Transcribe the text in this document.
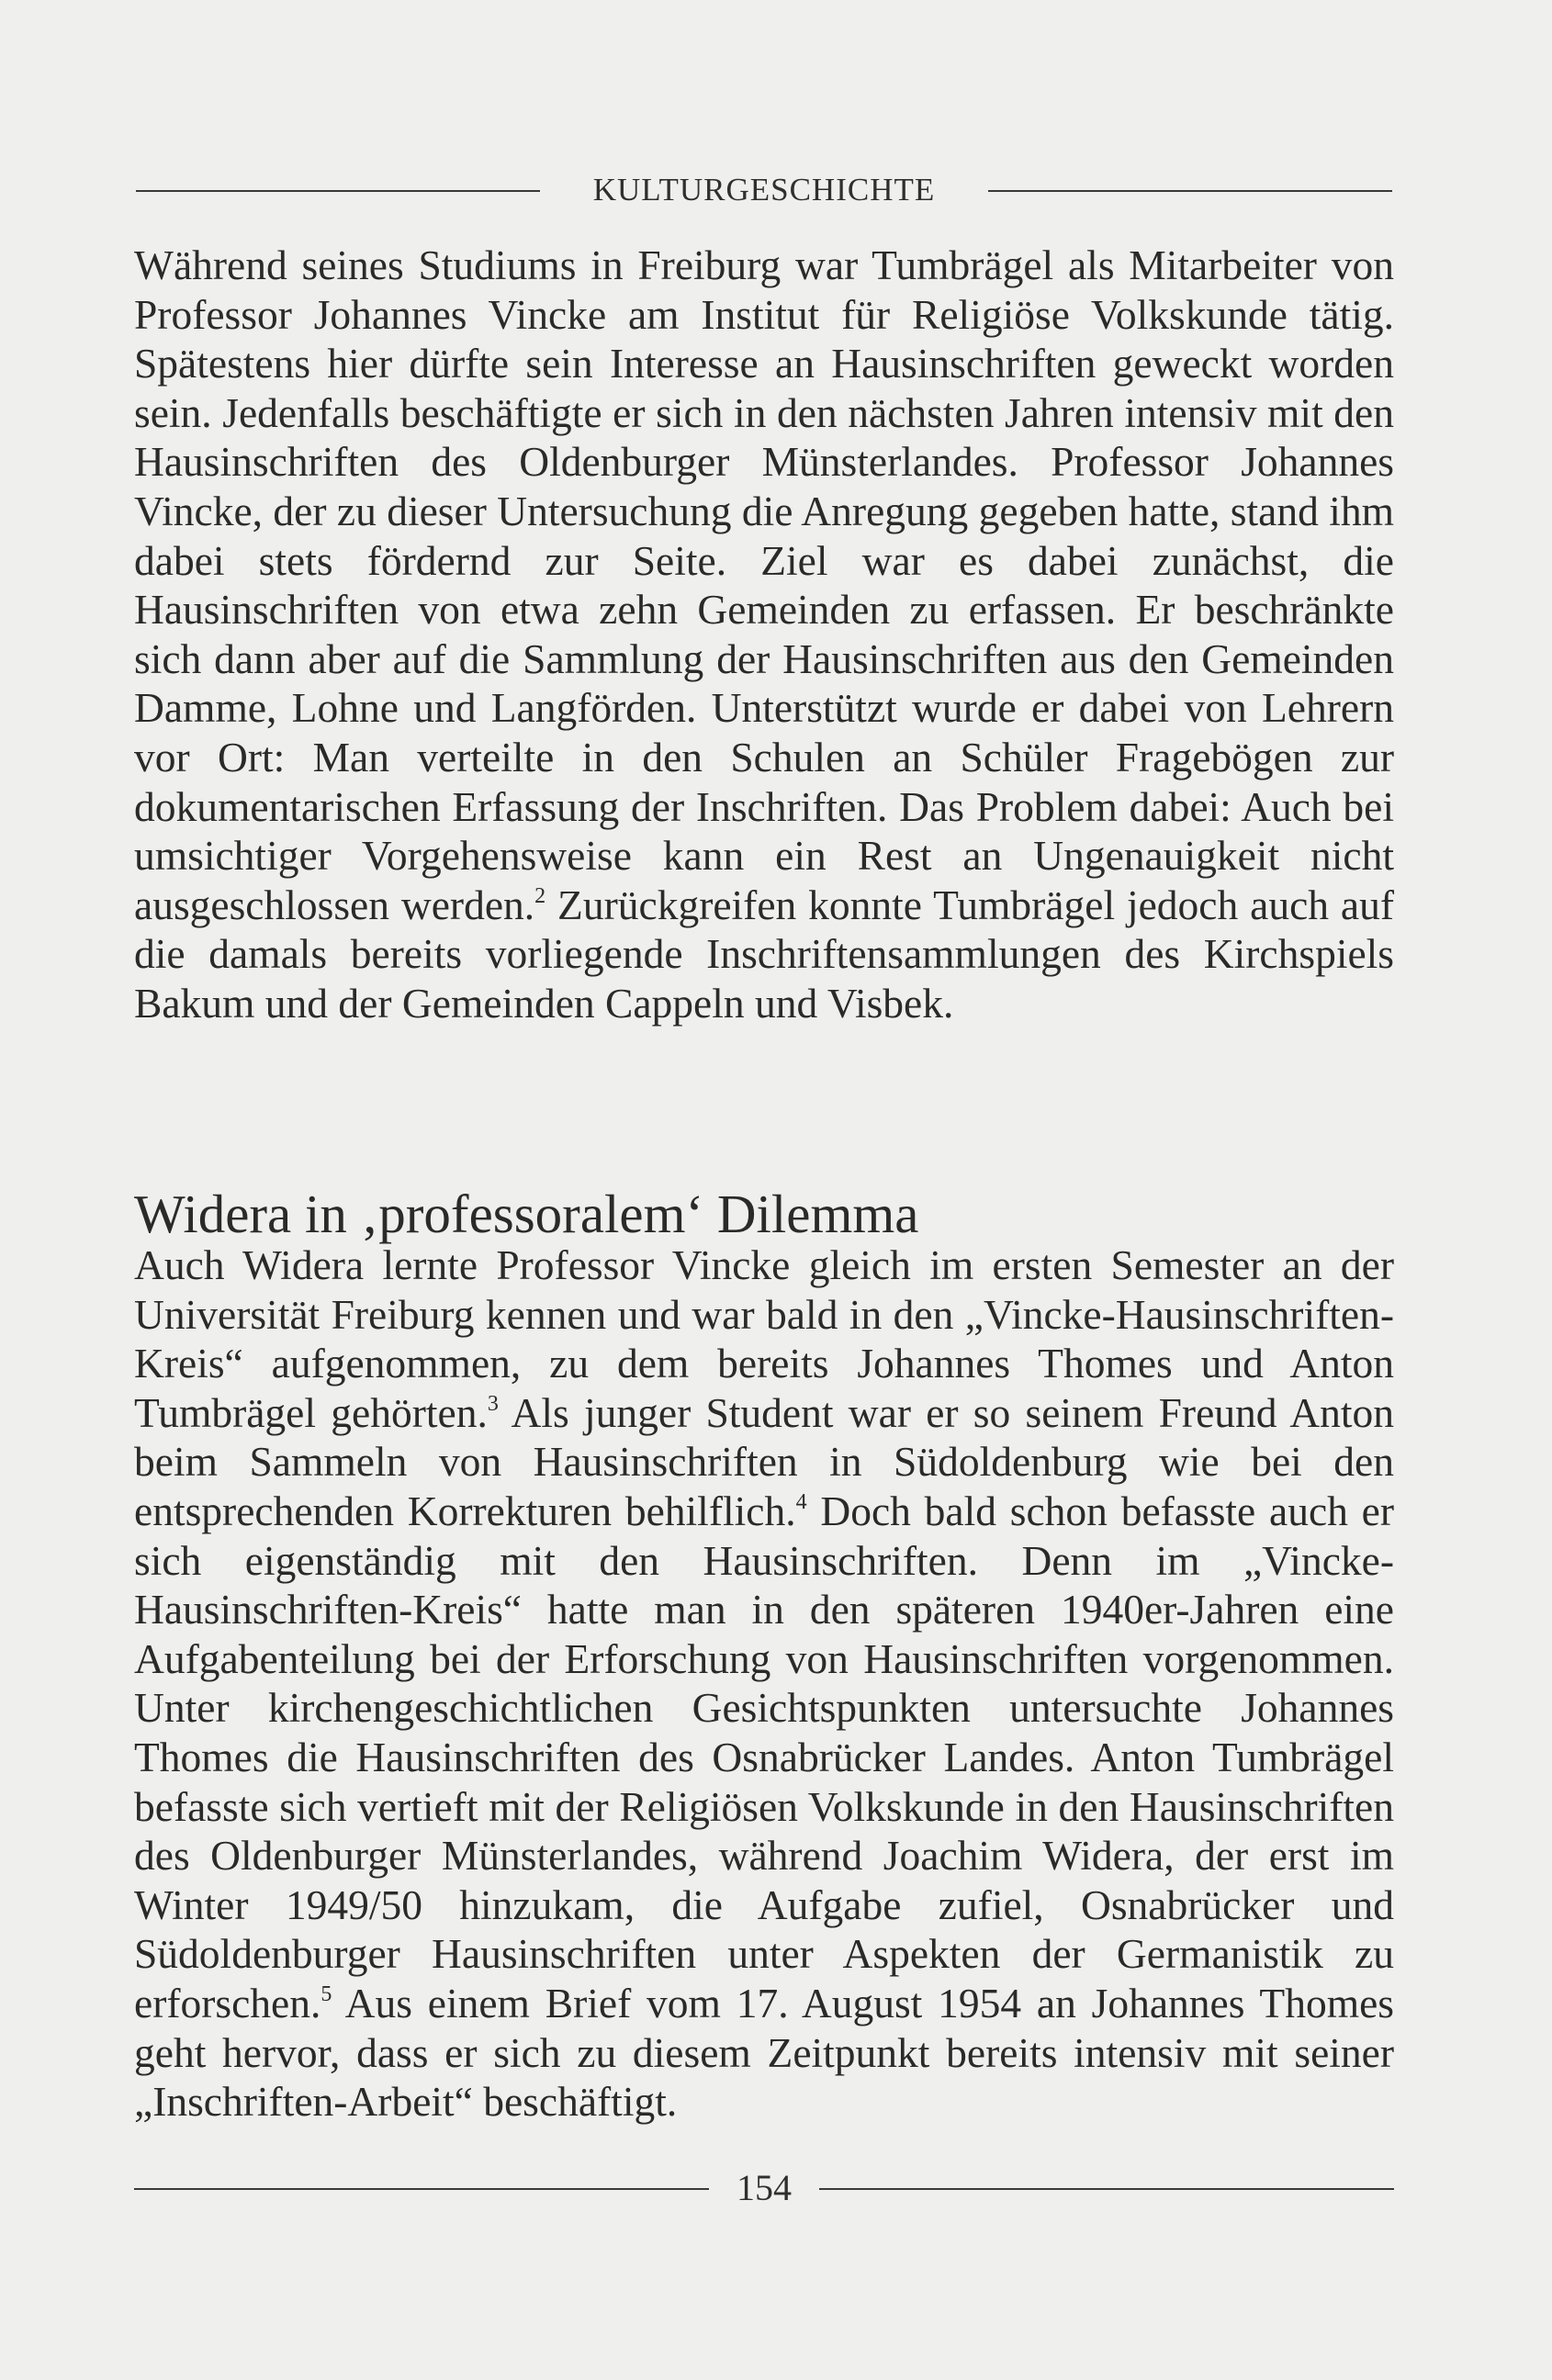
KULTURGESCHICHTE

Während seines Studiums in Freiburg war Tumbrägel als Mitarbeiter von Professor Johannes Vincke am Institut für Religiöse Volkskunde tätig. Spätestens hier dürfte sein Interesse an Hausinschriften geweckt worden sein. Jedenfalls beschäftigte er sich in den nächsten Jahren intensiv mit den Hausinschriften des Oldenburger Münsterlandes. Professor Johannes Vincke, der zu dieser Untersuchung die Anregung gegeben hatte, stand ihm dabei stets fördernd zur Seite. Ziel war es dabei zunächst, die Hausinschriften von etwa zehn Gemeinden zu erfassen. Er beschränkte sich dann aber auf die Sammlung der Hausinschriften aus den Gemeinden Damme, Lohne und Langförden. Unterstützt wurde er dabei von Lehrern vor Ort: Man verteilte in den Schulen an Schüler Fragebögen zur dokumentarischen Erfassung der Inschriften. Das Problem dabei: Auch bei umsichtiger Vorgehensweise kann ein Rest an Ungenauigkeit nicht ausgeschlossen werden.$^2$ Zurückgreifen konnte Tumbrägel jedoch auch auf die damals bereits vorliegende Inschriftensammlungen des Kirchspiels Bakum und der Gemeinden Cappeln und Visbek.

Widera in ‚professoralem‘ Dilemma

Auch Widera lernte Professor Vincke gleich im ersten Semester an der Universität Freiburg kennen und war bald in den „Vincke-Hausinschriften-Kreis“ aufgenommen, zu dem bereits Johannes Thomes und Anton Tumbrägel gehörten.$^3$ Als junger Student war er so seinem Freund Anton beim Sammeln von Hausinschriften in Südoldenburg wie bei den entsprechenden Korrekturen behilflich.$^4$ Doch bald schon befasste auch er sich eigenständig mit den Hausinschriften. Denn im „Vincke-Hausinschriften-Kreis“ hatte man in den späteren 1940er-Jahren eine Aufgabenteilung bei der Erforschung von Hausinschriften vorgenommen. Unter kirchengeschichtlichen Gesichtspunkten untersuchte Johannes Thomes die Hausinschriften des Osnabrücker Landes. Anton Tumbrägel befasste sich vertieft mit der Religiösen Volkskunde in den Hausinschriften des Oldenburger Münsterlandes, während Joachim Widera, der erst im Winter 1949/50 hinzukam, die Aufgabe zufiel, Osnabrücker und Südoldenburger Hausinschriften unter Aspekten der Germanistik zu erforschen.$^5$ Aus einem Brief vom 17. August 1954 an Johannes Thomes geht hervor, dass er sich zu diesem Zeitpunkt bereits intensiv mit seiner „Inschriften-Arbeit“ beschäftigt.

154
